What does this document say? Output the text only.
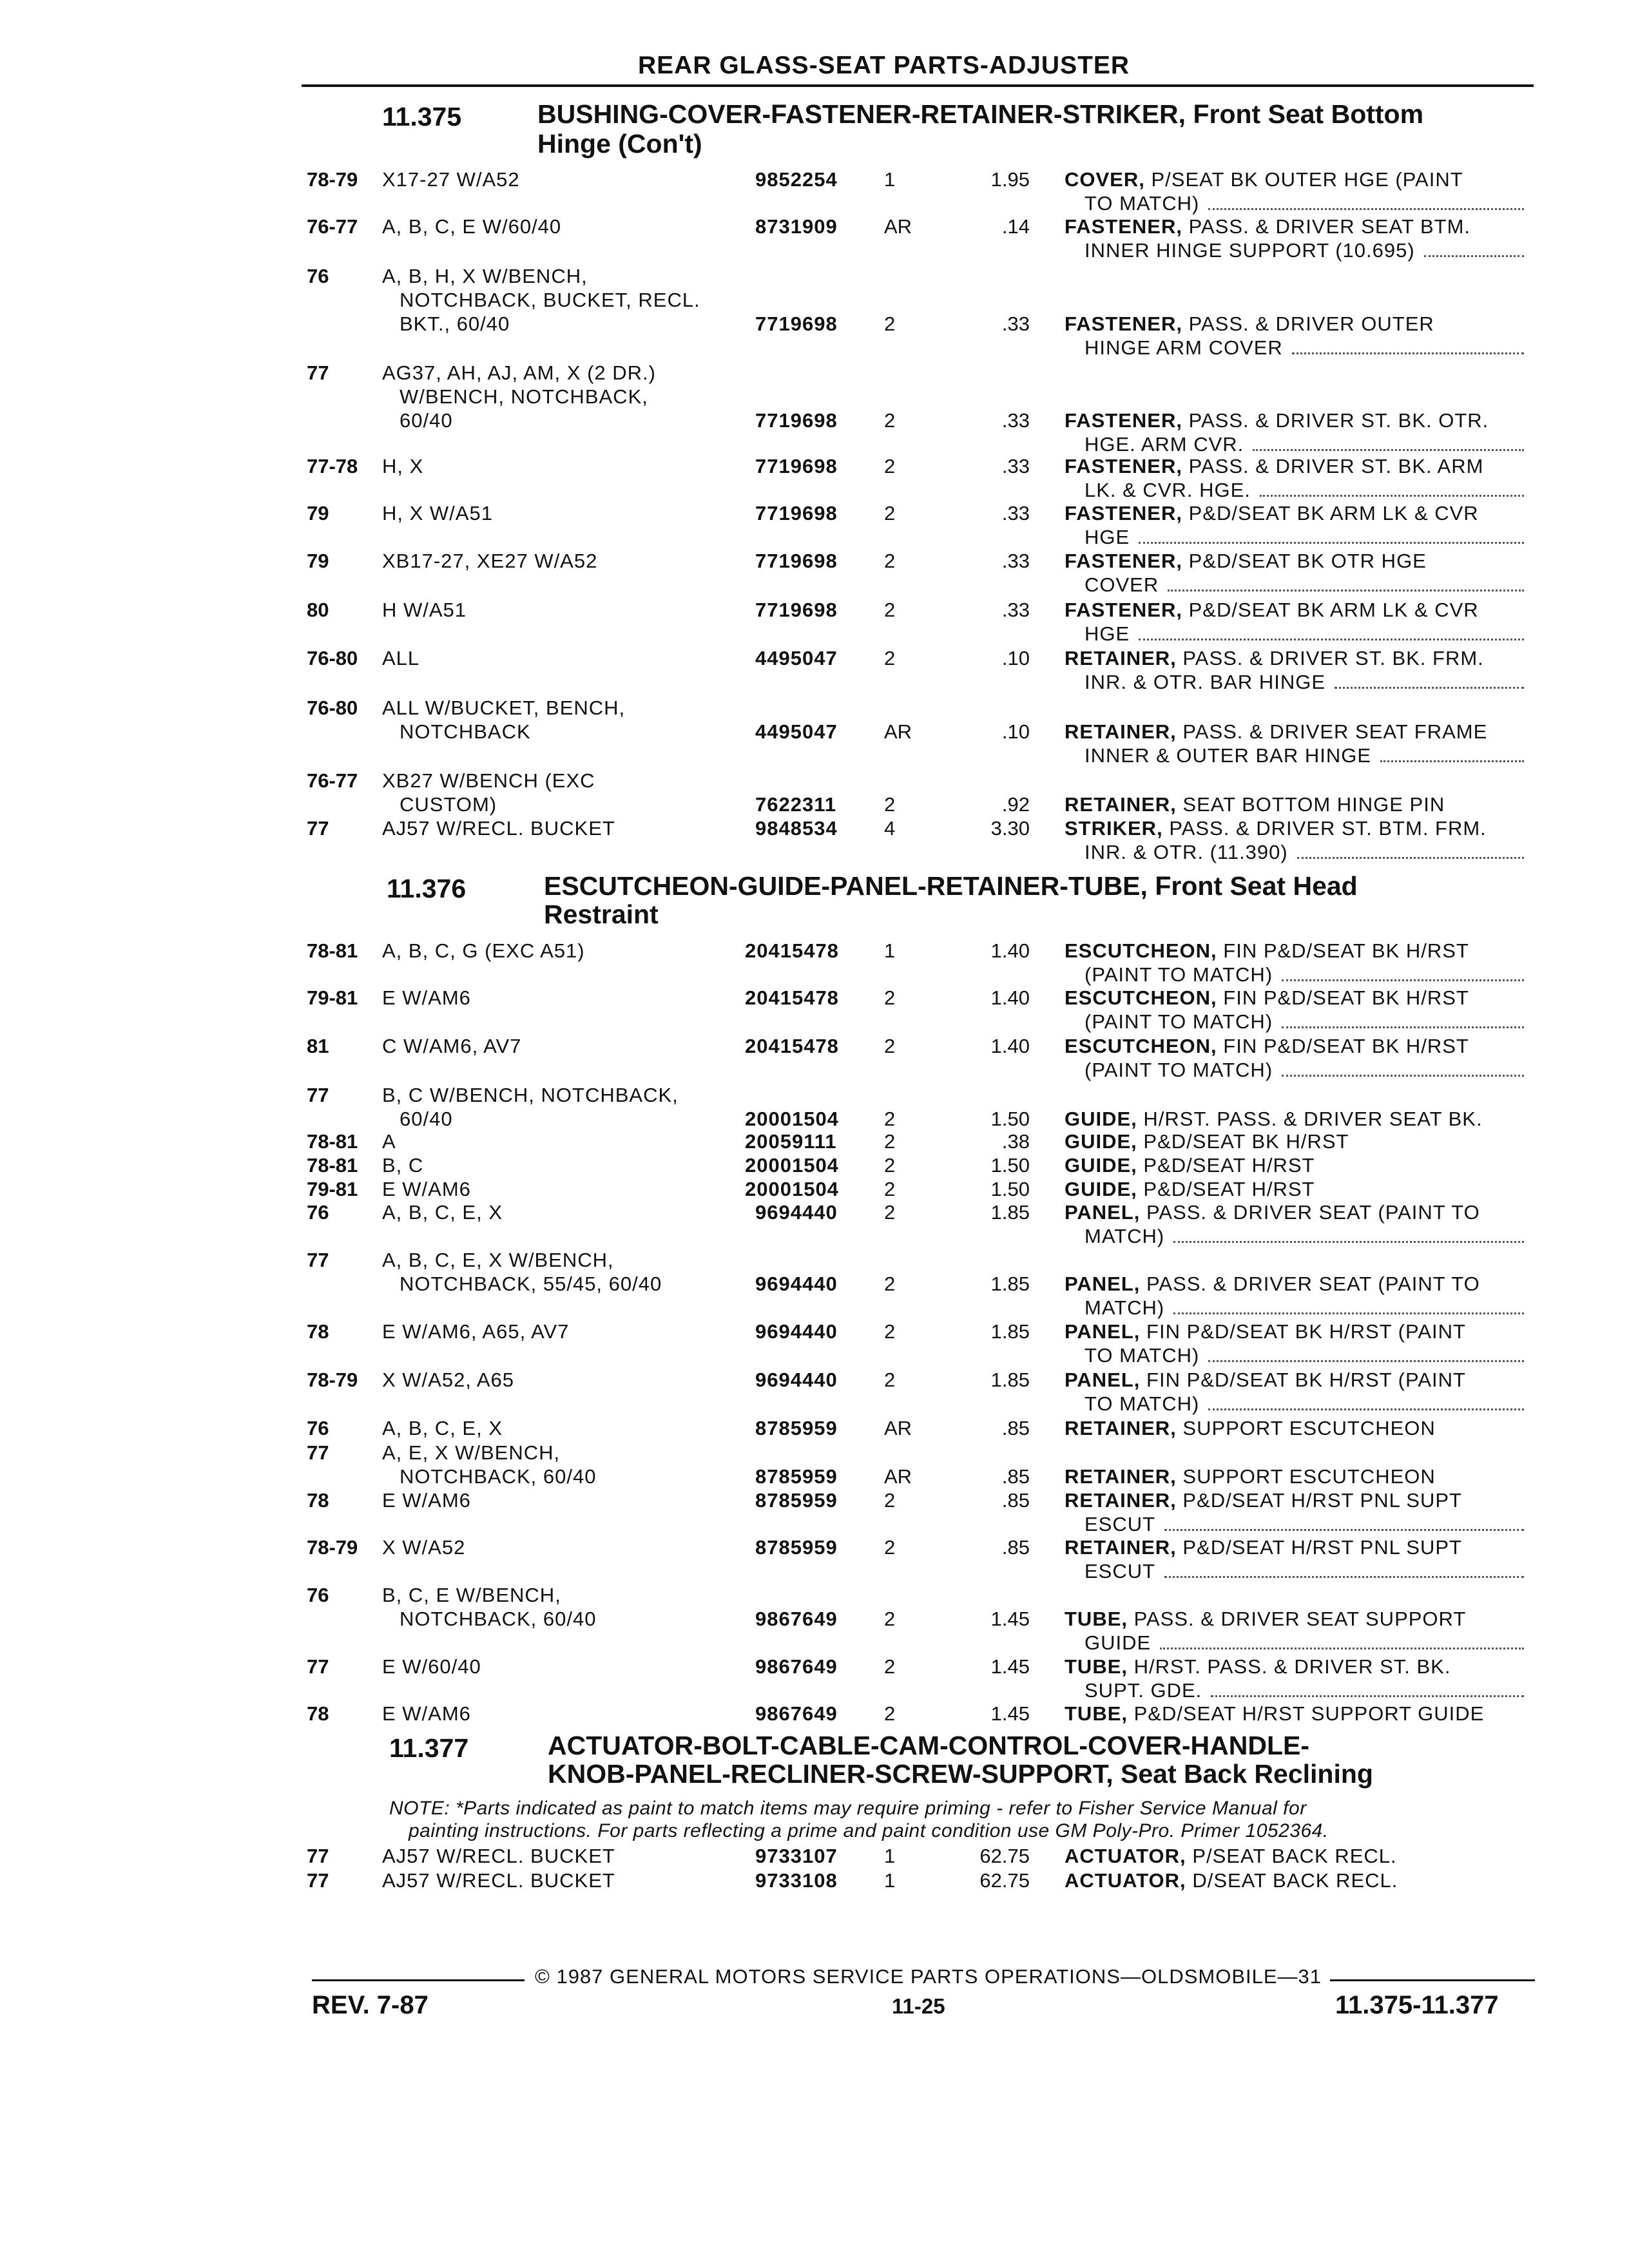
REAR GLASS-SEAT PARTS-ADJUSTER
11.375	BUSHING-COVER-FASTENER-RETAINER-STRIKER, Front Seat Bottom
Hinge (Con't)
78-79 X17-27 W/A52	9852254 1	1.95 COVER, P/SEAT BK OUTER HGE (PAINT
TO MATCH)
76-77 A, B, C, E W/60/40	8731909 AR	.14 FASTENER, PASS. & DRIVER SEAT BTM.
INNER HINGE SUPPORT (10.695)
76	A, B, H, X W/BENCH,
NOTCHBACK, BUCKET, RECL.
BKT., 60/40	7719698 2	.33 FASTENER, PASS. & DRIVER OUTER
HINGE ARM COVER
77	AG37, AH, AJ, AM, X (2 DR.)
W/BENCH, NOTCHBACK,
60/40	7719698 2	.33 FASTENER, PASS. & DRIVER ST. BK. OTR.
HGE. ARM CVR.
77-78 H, X	7719698 2	.33 FASTENER, PASS. & DRIVER ST. BK. ARM
LK. & CVR. HGE.
79	H, X W/A51	7719698 2	.33 FASTENER, P&D/SEAT BK ARM LK & CVR
HGE
79	XB17-27, XE27 W/A52	7719698 2	.33 FASTENER, P&D/SEAT BK OTR HGE
COVER
80	H W/A51	7719698 2	.33 FASTENER, P&D/SEAT BK ARM LK & CVR
HGE
76-80 ALL	4495047 2	.10 RETAINER, PASS. & DRIVER ST. BK. FRM.
INR. & OTR. BAR HINGE
76-80 ALL W/BUCKET, BENCH,
NOTCHBACK	4495047 AR	.10 RETAINER, PASS. & DRIVER SEAT FRAME
INNER & OUTER BAR HINGE
76-77 XB27 W/BENCH (EXC
CUSTOM)	7622311 2	.92 RETAINER, SEAT BOTTOM HINGE PIN
77	AJ57 W/RECL. BUCKET	9848534 4	3.30 STRIKER, PASS. & DRIVER ST. BTM. FRM.
INR. & OTR. (11.390)
11.376	ESCUTCHEON-GUIDE-PANEL-RETAINER-TUBE, Front Seat Head
Restraint
78-81 A, B, C, G (EXC A51)	20415478 1	1.40 ESCUTCHEON, FIN P&D/SEAT BK H/RST
(PAINT TO MATCH)
79-81 E W/AM6	20415478 2	1.40 ESCUTCHEON, FIN P&D/SEAT BK H/RST
(PAINT TO MATCH)
81	C W/AM6, AV7	20415478 2	1.40 ESCUTCHEON, FIN P&D/SEAT BK H/RST
(PAINT TO MATCH)
77	B, C W/BENCH, NOTCHBACK,
60/40	20001504 2	1.50 GUIDE, H/RST. PASS. & DRIVER SEAT BK.
78-81 A	20059111 2	.38 GUIDE, P&D/SEAT BK H/RST
78-81 B, C	20001504 2	1.50 GUIDE, P&D/SEAT H/RST
79-81 E W/AM6	20001504 2	1.50 GUIDE, P&D/SEAT H/RST
76	A, B, C, E, X	9694440 2	1.85 PANEL, PASS. & DRIVER SEAT (PAINT TO
MATCH)
77	A, B, C, E, X W/BENCH,
NOTCHBACK, 55/45, 60/40	9694440 2	1.85 PANEL, PASS. & DRIVER SEAT (PAINT TO
MATCH)
78	E W/AM6, A65, AV7	9694440 2	1.85 PANEL, FIN P&D/SEAT BK H/RST (PAINT
TO MATCH)
78-79 X W/A52, A65	9694440 2	1.85 PANEL, FIN P&D/SEAT BK H/RST (PAINT
TO MATCH)
76	A, B, C, E, X	8785959 AR	.85 RETAINER, SUPPORT ESCUTCHEON
77	A, E, X W/BENCH,
NOTCHBACK, 60/40	8785959 AR	.85 RETAINER, SUPPORT ESCUTCHEON
78	E W/AM6	8785959 2	.85 RETAINER, P&D/SEAT H/RST PNL SUPT
ESCUT
78-79 X W/A52	8785959 2	.85 RETAINER, P&D/SEAT H/RST PNL SUPT
ESCUT
76	B, C, E W/BENCH,
NOTCHBACK, 60/40	9867649 2	1.45 TUBE, PASS. & DRIVER SEAT SUPPORT
GUIDE
77	E W/60/40	9867649 2	1.45 TUBE, H/RST. PASS. & DRIVER ST. BK.
SUPT. GDE.
78	E W/AM6	9867649 2	1.45 TUBE, P&D/SEAT H/RST SUPPORT GUIDE
11.377	ACTUATOR-BOLT-CABLE-CAM-CONTROL-COVER-HANDLE-
KNOB-PANEL-RECLINER-SCREW-SUPPORT, Seat Back Reclining
NOTE: *Parts indicated as paint to match items may require priming - refer to Fisher Service Manual for
painting instructions. For parts reflecting a prime and paint condition use GM Poly-Pro. Primer 1052364.
77	AJ57 W/RECL. BUCKET	9733107 1	62.75 ACTUATOR, P/SEAT BACK RECL.
77	AJ57 W/RECL. BUCKET	9733108 1	62.75 ACTUATOR, D/SEAT BACK RECL.
© 1987 GENERAL MOTORS SERVICE PARTS OPERATIONS—OLDSMOBILE—31
REV. 7-87	11-25	11.375-11.377
